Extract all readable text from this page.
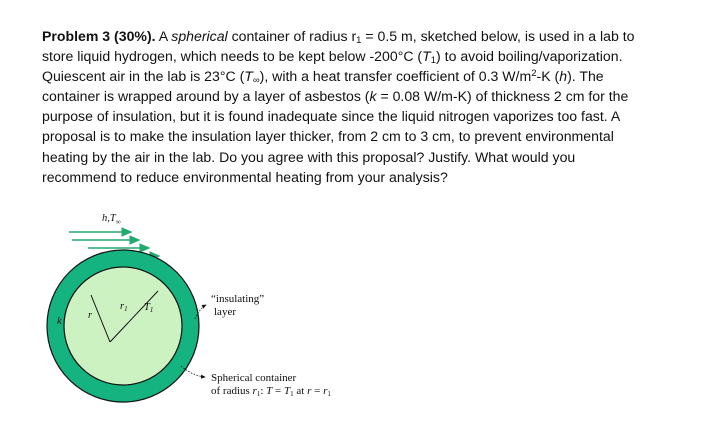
Problem 3 (30%). A spherical container of radius $r_1 = 0.5$ m, sketched below, is used in a lab to
store liquid hydrogen, which needs to be kept below -200°C $(T_1)$ to avoid boiling/vaporization.
Quiescent air in the lab is 23°C $(T_\infty)$, with a heat transfer coefficient of 0.3 $W/m^2-K$ (h). The
container is wrapped around by a layer of asbestos (k = 0.08 W/m-K) of thickness 2 cm for the
purpose of insulation, but it is found inadequate since the liquid nitrogen vaporizes too fast. A
proposal is to make the insulation layer thicker, from 2 cm to 3 cm, to prevent environmental
heating by the air in the lab. Do you agree with this proposal? Justify. What would you
recommend to reduce environmental heating from your analysis?
$h,T_\infty$
r1 T1
r
k
“insulating”
layer
Spherical container
of radius r1: T = T1 at r = r1
